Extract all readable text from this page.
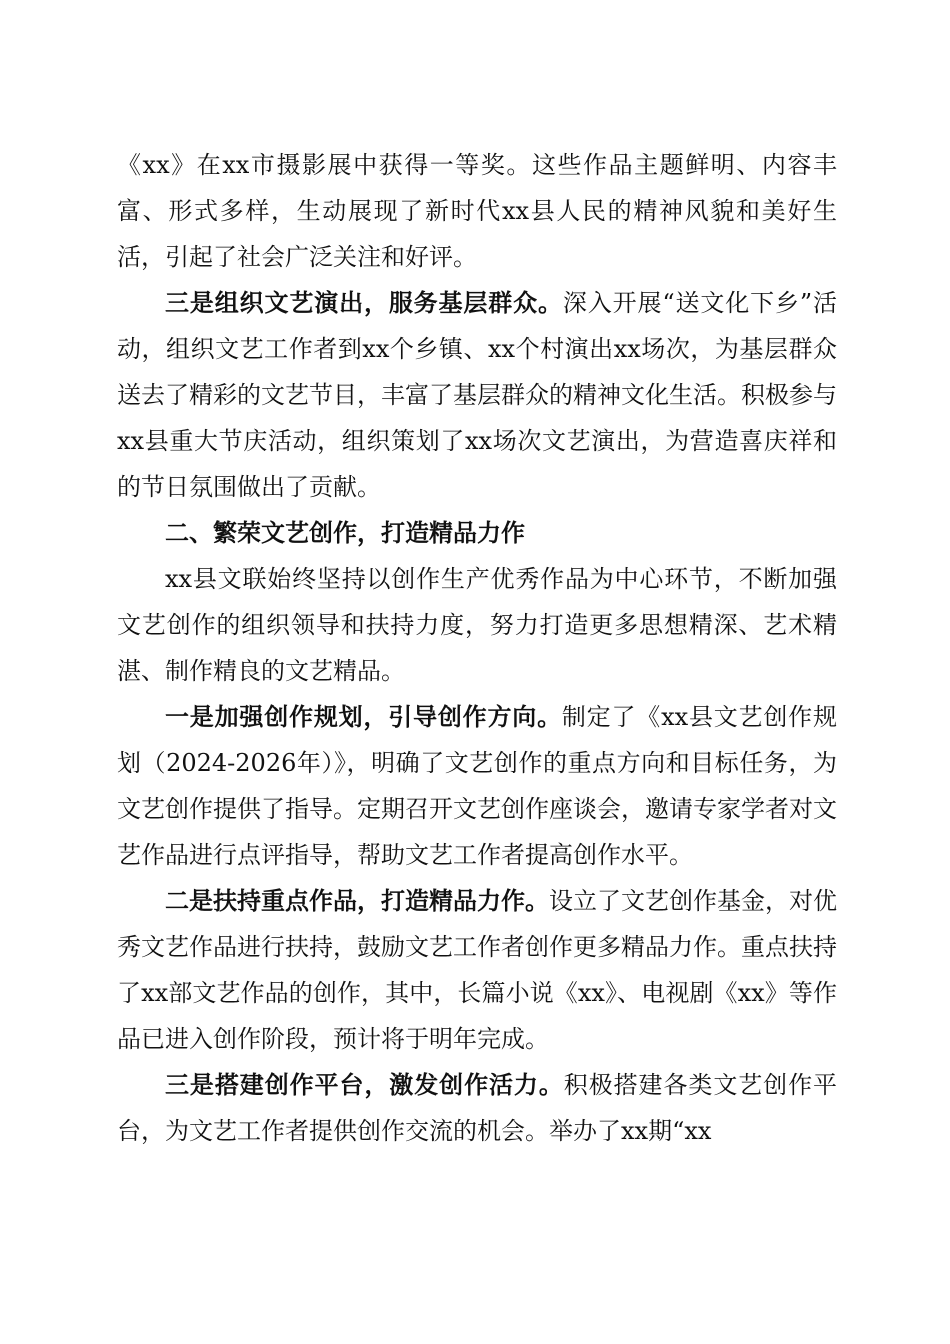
《xx》在xx市摄影展中获得一等奖。这些作品主题鲜明、内容丰富、形式多样，生动展现了新时代xx县人民的精神风貌和美好生活，引起了社会广泛关注和好评。

三是组织文艺演出，服务基层群众。深入开展“送文化下乡”活动，组织文艺工作者到xx个乡镇、xx个村演出xx场次，为基层群众送去了精彩的文艺节目，丰富了基层群众的精神文化生活。积极参与xx县重大节庆活动，组织策划了xx场次文艺演出，为营造喜庆祥和的节日氛围做出了贡献。

二、繁荣文艺创作，打造精品力作

xx县文联始终坚持以创作生产优秀作品为中心环节，不断加强文艺创作的组织领导和扶持力度，努力打造更多思想精深、艺术精湛、制作精良的文艺精品。

一是加强创作规划，引导创作方向。制定了《xx县文艺创作规划（2024-2026年）》，明确了文艺创作的重点方向和目标任务，为文艺创作提供了指导。定期召开文艺创作座谈会，邀请专家学者对文艺作品进行点评指导，帮助文艺工作者提高创作水平。

二是扶持重点作品，打造精品力作。设立了文艺创作基金，对优秀文艺作品进行扶持，鼓励文艺工作者创作更多精品力作。重点扶持了xx部文艺作品的创作，其中，长篇小说《xx》、电视剧《xx》等作品已进入创作阶段，预计将于明年完成。

三是搭建创作平台，激发创作活力。积极搭建各类文艺创作平台，为文艺工作者提供创作交流的机会。举办了xx期“xx
